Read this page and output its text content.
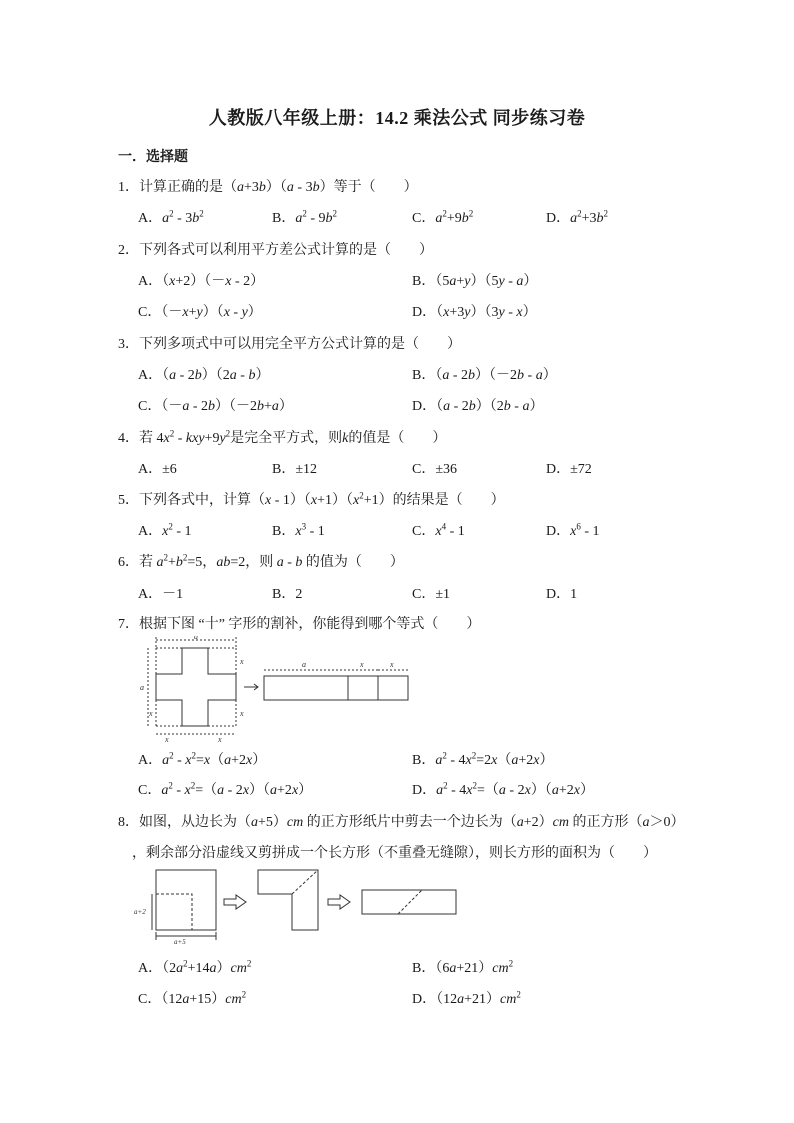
人教版八年级上册：14.2 乘法公式 同步练习卷
一．选择题
1．计算正确的是（a+3b）（a - 3b）等于（　　）
A．$a^2 - 3b^2$	B．$a^2 - 9b^2$	C．$a^2+9b^2$	D．$a^2+3b^2$
2．下列各式可以利用平方差公式计算的是（　　）
A．（x+2）（－x - 2）	B．（5a+y）（5y - a）
C．（－x+y）（x - y）	D．（x+3y）（3y - x）
3．下列多项式中可以用完全平方公式计算的是（　　）
A．（a - 2b）（2a - b）	B．（a - 2b）（－2b - a）
C．（－a - 2b）（－2b+a）	D．（a - 2b）（2b - a）
4．若 $4x^2 - kxy+9y^2$是完全平方式，则k的值是（　　）
A．±6	B．±12	C．±36	D．±72
5．下列各式中，计算$(x - 1)(x+1)(x^2+1)$的结果是（　　）
A．$x^2 - 1$	B．$x^3 - 1$	C．$x^4 - 1$	D．$x^6 - 1$
6．若 $a^2+b^2=5$，ab=2，则 a - b 的值为（　　）
A．－1	B．2	C．±1	D．1
7．根据下图 “十” 字形的割补，你能得到哪个等式（　　）
a
a
x
x
x
x	x
a	x	x
A．$a^2 - x^2=x(a+2x)$	B．$a^2 - 4x^2=2x(a+2x)$
C．$a^2 - x^2=(a - 2x)(a+2x)$	D．$a^2 - 4x^2=(a - 2x)(a+2x)$
8．如图，从边长为（a+5）cm 的正方形纸片中剪去一个边长为（a+2）cm 的正方形（a＞0）
，剩余部分沿虚线又剪拼成一个长方形（不重叠无缝隙），则长方形的面积为（　　）
a+2
a+5
A．$(2a^2+14a)cm^2$	B．$(6a+21)cm^2$
C．$(12a+15)cm^2$	D．$(12a+21)cm^2$
